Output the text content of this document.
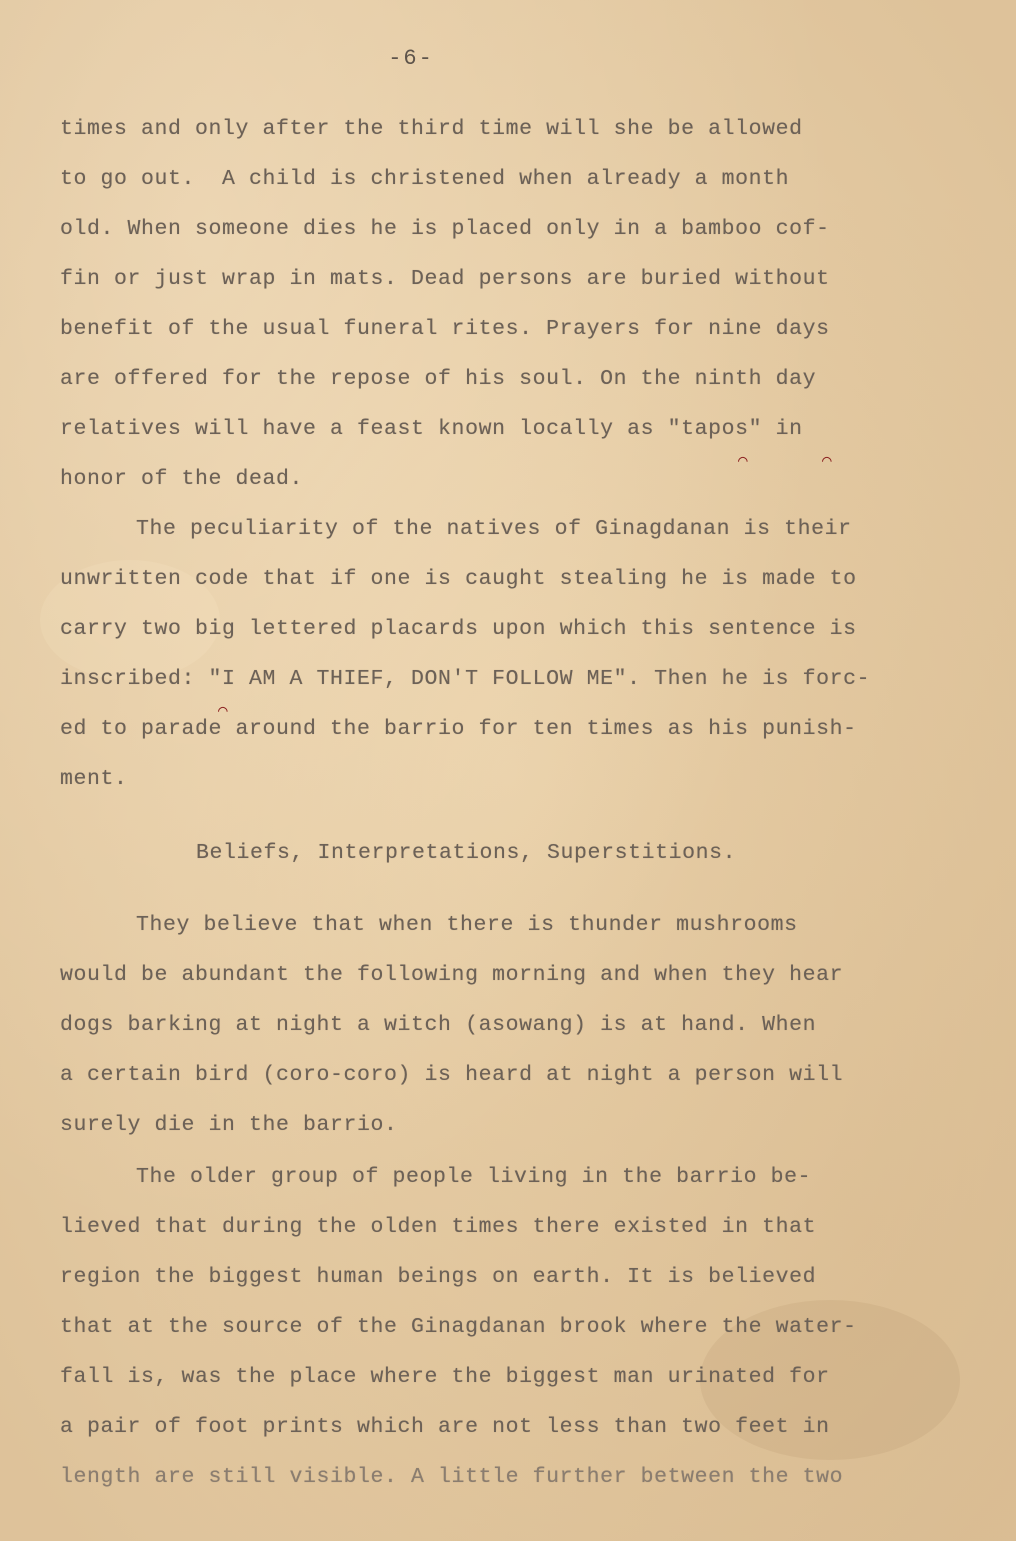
-6-
times and only after the third time will she be allowed
to go out.  A child is christened when already a month
old. When someone dies he is placed only in a bamboo cof-
fin or just wrap in mats. Dead persons are buried without
benefit of the usual funeral rites. Prayers for nine days
are offered for the repose of his soul. On the ninth day
relatives will have a feast known locally as "tapos" in
honor of the dead.
The peculiarity of the natives of Ginagdanan is their
unwritten code that if one is caught stealing he is made to
carry two big lettered placards upon which this sentence is
inscribed: "I AM A THIEF, DON'T FOLLOW ME". Then he is forc-
ed to parade around the barrio for ten times as his punish-
ment.
Beliefs, Interpretations, Superstitions.
They believe that when there is thunder mushrooms
would be abundant the following morning and when they hear
dogs barking at night a witch (asowang) is at hand. When
a certain bird (coro-coro) is heard at night a person will
surely die in the barrio.
The older group of people living in the barrio be-
lieved that during the olden times there existed in that
region the biggest human beings on earth. It is believed
that at the source of the Ginagdanan brook where the water-
fall is, was the place where the biggest man urinated for
a pair of foot prints which are not less than two feet in
length are still visible. A little further between the two
⌒	⌒
⌒
